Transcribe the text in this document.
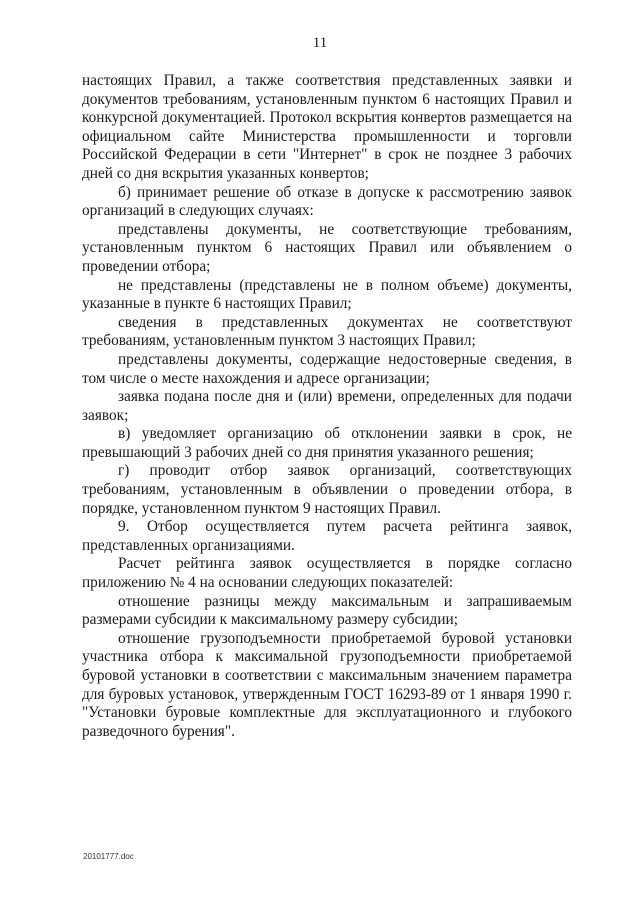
11

настоящих Правил, а также соответствия представленных заявки и документов требованиям, установленным пунктом 6 настоящих Правил и конкурсной документацией. Протокол вскрытия конвертов размещается на официальном сайте Министерства промышленности и торговли Российской Федерации в сети "Интернет" в срок не позднее 3 рабочих дней со дня вскрытия указанных конвертов;

б) принимает решение об отказе в допуске к рассмотрению заявок организаций в следующих случаях:

представлены документы, не соответствующие требованиям, установленным пунктом 6 настоящих Правил или объявлением о проведении отбора;

не представлены (представлены не в полном объеме) документы, указанные в пункте 6 настоящих Правил;

сведения в представленных документах не соответствуют требованиям, установленным пунктом 3 настоящих Правил;

представлены документы, содержащие недостоверные сведения, в том числе о месте нахождения и адресе организации;

заявка подана после дня и (или) времени, определенных для подачи заявок;

в) уведомляет организацию об отклонении заявки в срок, не превышающий 3 рабочих дней со дня принятия указанного решения;

г) проводит отбор заявок организаций, соответствующих требованиям, установленным в объявлении о проведении отбора, в порядке, установленном пунктом 9 настоящих Правил.

9. Отбор осуществляется путем расчета рейтинга заявок, представленных организациями.

Расчет рейтинга заявок осуществляется в порядке согласно приложению № 4 на основании следующих показателей:

отношение разницы между максимальным и запрашиваемым размерами субсидии к максимальному размеру субсидии;

отношение грузоподъемности приобретаемой буровой установки участника отбора к максимальной грузоподъемности приобретаемой буровой установки в соответствии с максимальным значением параметра для буровых установок, утвержденным ГОСТ 16293-89 от 1 января 1990 г. "Установки буровые комплектные для эксплуатационного и глубокого разведочного бурения".

20101777.doc
